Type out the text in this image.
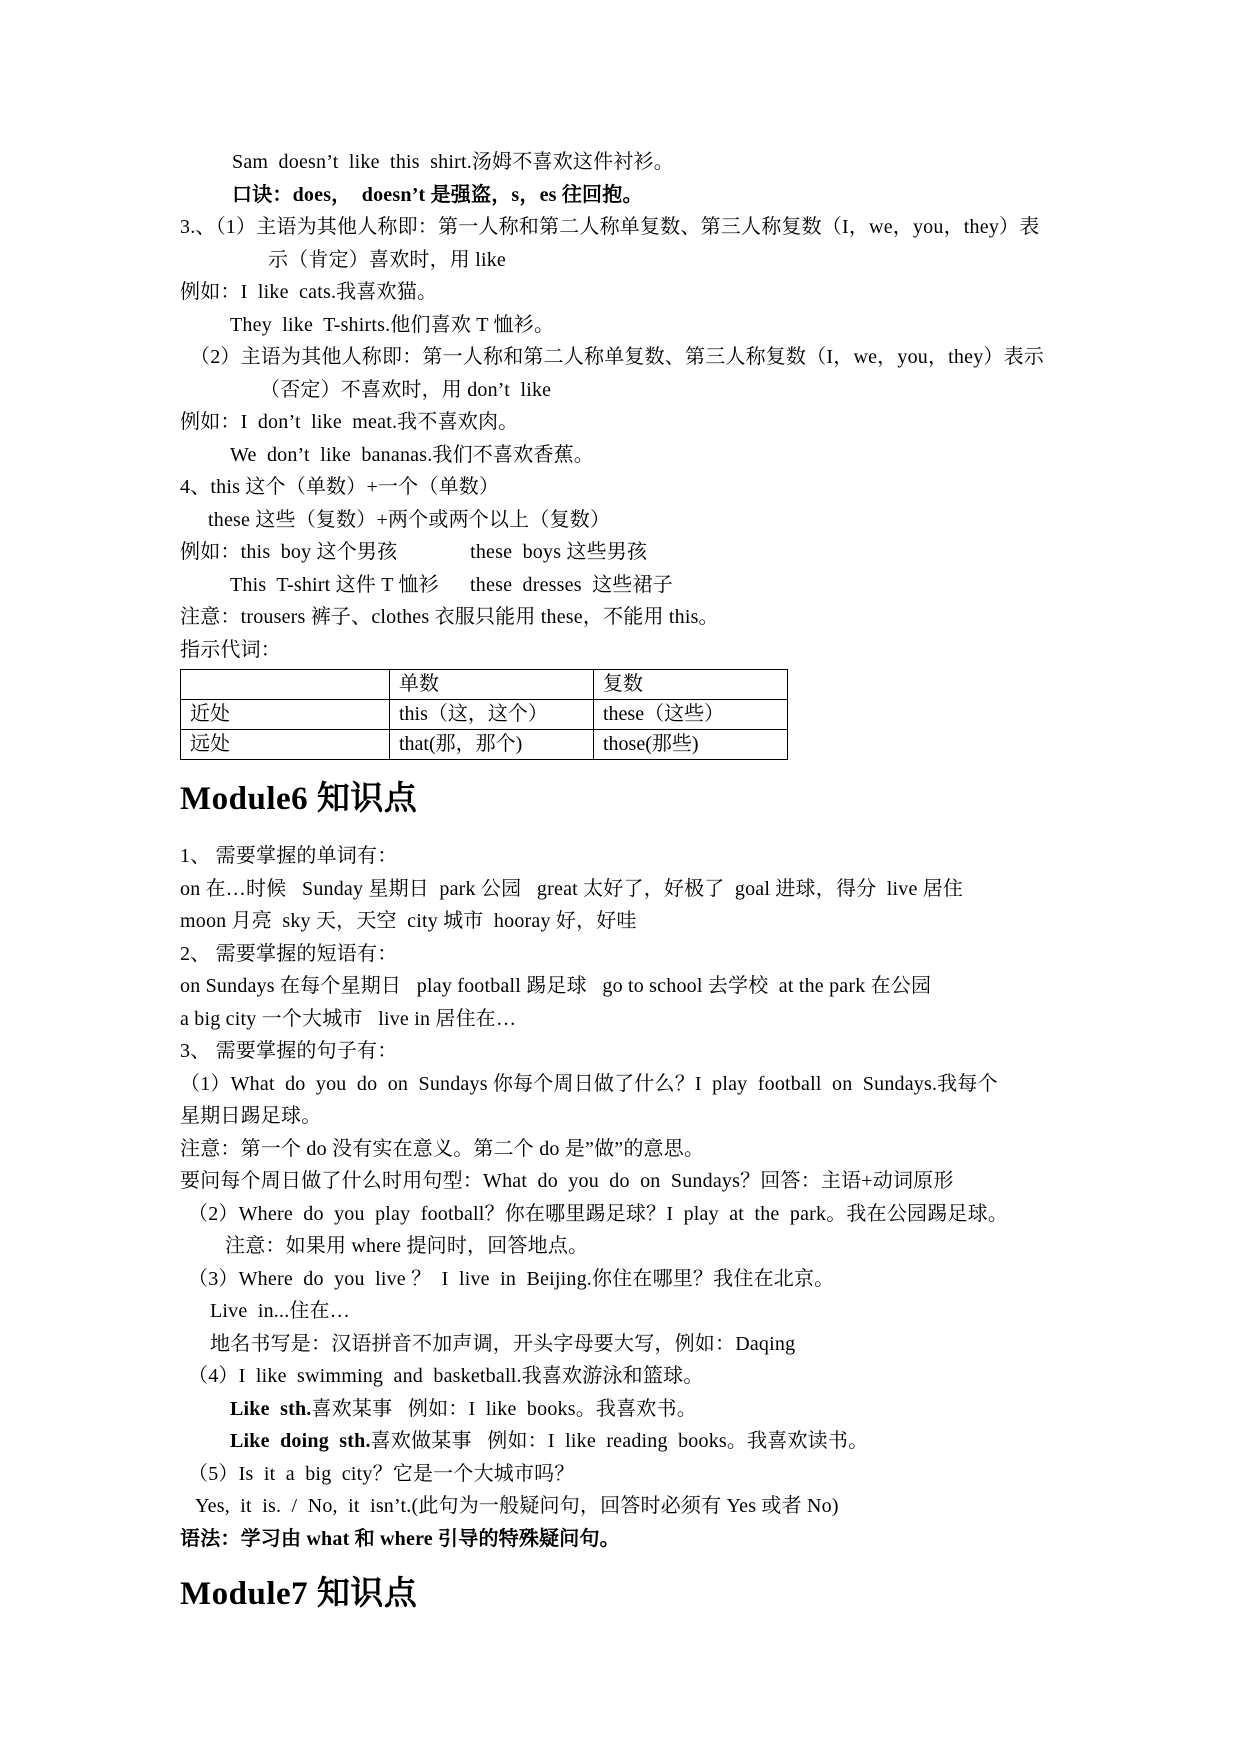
Sam  doesn’t  like  this  shirt.汤姆不喜欢这件衬衫。
口诀：does，  doesn’t 是强盗，s，es 往回抱。
3.、（1）主语为其他人称即：第一人称和第二人称单复数、第三人称复数（I，we，you，they）表
示（肯定）喜欢时，用 like
例如：I  like  cats.我喜欢猫。
They  like  T-shirts.他们喜欢 T 恤衫。
（2）主语为其他人称即：第一人称和第二人称单复数、第三人称复数（I，we，you，they）表示
（否定）不喜欢时，用 don’t  like
例如：I  don’t  like  meat.我不喜欢肉。
We  don’t  like  bananas.我们不喜欢香蕉。
4、this 这个（单数）+一个（单数）
these 这些（复数）+两个或两个以上（复数）
例如：this  boy 这个男孩              these  boys 这些男孩
This  T-shirt 这件 T 恤衫      these  dresses  这些裙子
注意：trousers 裤子、clothes 衣服只能用 these，不能用 this。
指示代词：
	单数	复数
近处	this（这，这个）	these（这些）
远处	that(那，那个)	those(那些)
Module6 知识点
1、 需要掌握的单词有：
on 在…时候   Sunday 星期日  park 公园   great 太好了，好极了  goal 进球，得分  live 居住
moon 月亮  sky 天，天空  city 城市  hooray 好，好哇
2、 需要掌握的短语有：
on Sundays 在每个星期日   play football 踢足球   go to school 去学校  at the park 在公园
a big city 一个大城市   live in 居住在…
3、 需要掌握的句子有：
（1）What  do  you  do  on  Sundays 你每个周日做了什么？I  play  football  on  Sundays.我每个
星期日踢足球。
注意：第一个 do 没有实在意义。第二个 do 是”做”的意思。
要问每个周日做了什么时用句型：What  do  you  do  on  Sundays？回答：主语+动词原形
（2）Where  do  you  play  football？你在哪里踢足球？I  play  at  the  park。我在公园踢足球。
注意：如果用 where 提问时，回答地点。
（3）Where  do  you  live ？  I  live  in  Beijing.你住在哪里？我住在北京。
Live  in...住在…
地名书写是：汉语拼音不加声调，开头字母要大写，例如：Daqing
（4）I  like  swimming  and  basketball.我喜欢游泳和篮球。
Like  sth.喜欢某事   例如：I  like  books。我喜欢书。
Like  doing  sth.喜欢做某事   例如：I  like  reading  books。我喜欢读书。
（5）Is  it  a  big  city？它是一个大城市吗？
Yes,  it  is.  /  No,  it  isn’t.(此句为一般疑问句，回答时必须有 Yes 或者 No)
语法：学习由 what 和 where 引导的特殊疑问句。
Module7 知识点
